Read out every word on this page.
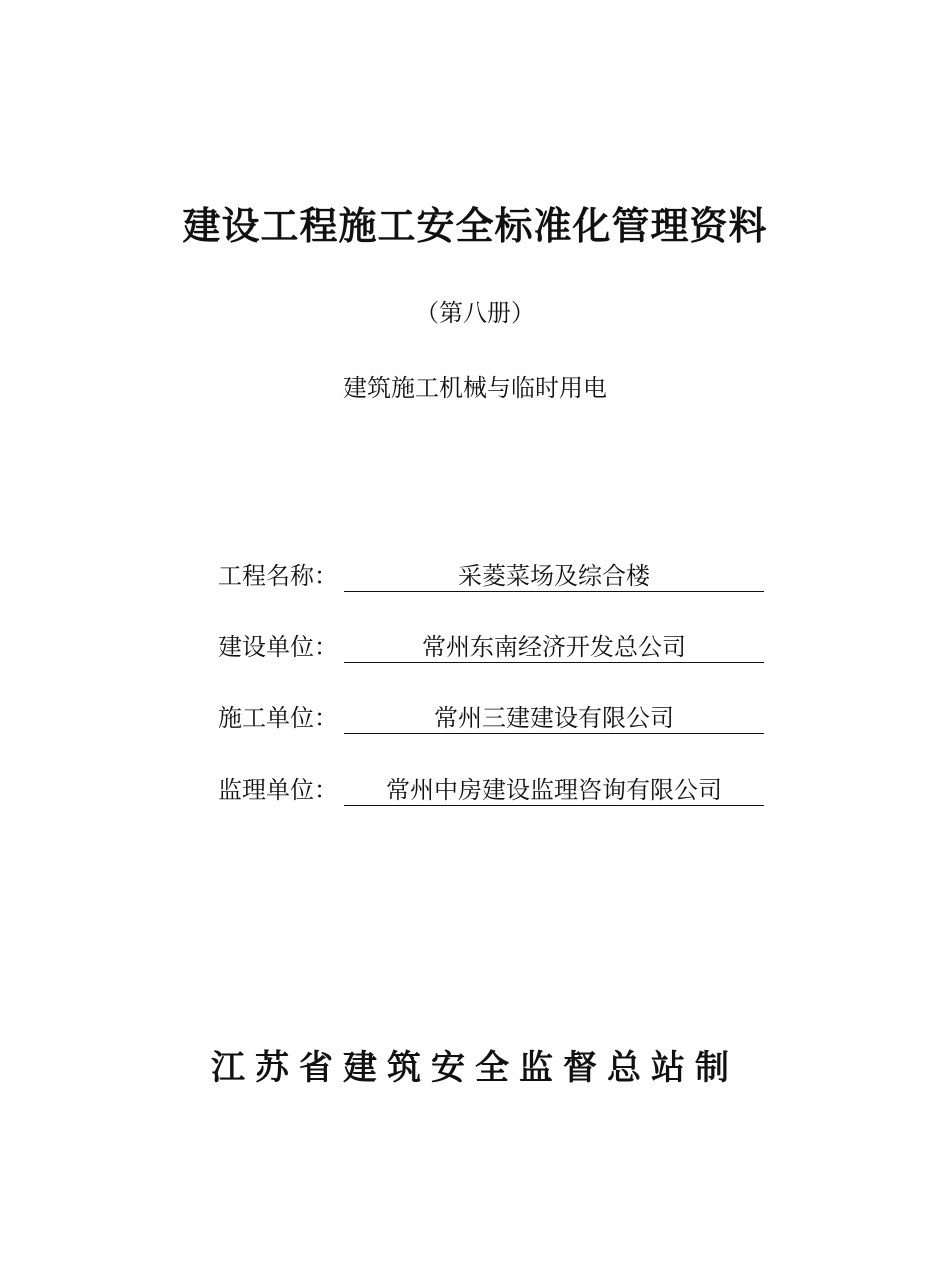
建设工程施工安全标准化管理资料
（第八册）
建筑施工机械与临时用电
工程名称：	采菱菜场及综合楼
建设单位：	常州东南经济开发总公司
施工单位：	常州三建建设有限公司
监理单位：	常州中房建设监理咨询有限公司
江苏省建筑安全监督总站制
